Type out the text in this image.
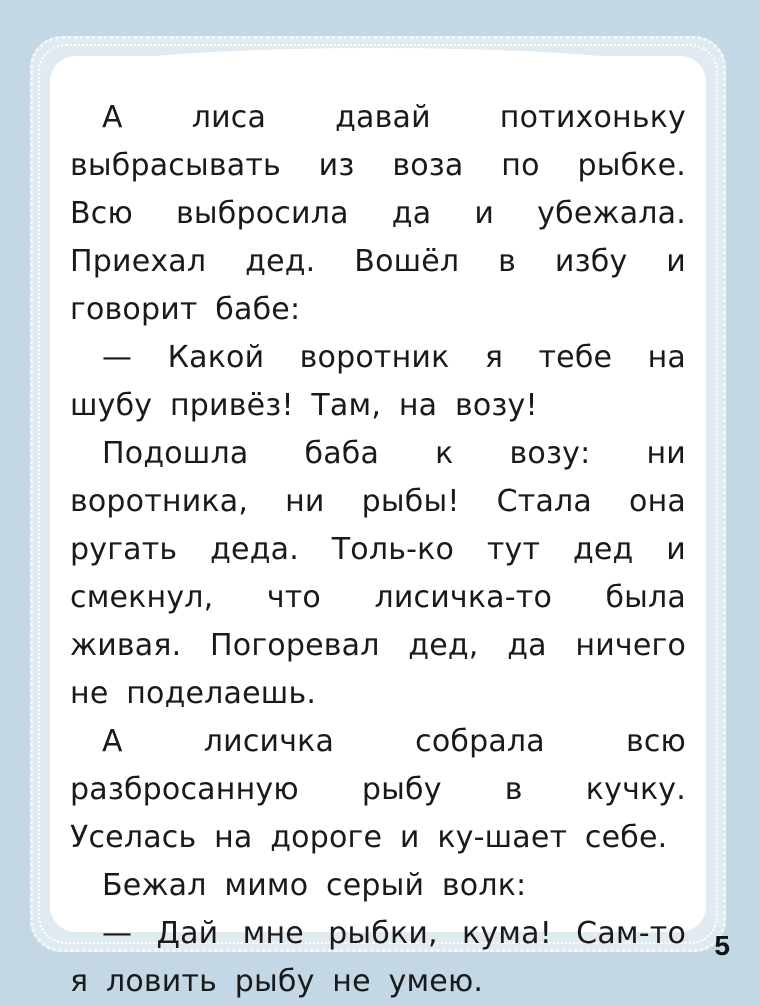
А лиса давай потихоньку выбрасывать из воза по рыбке. Всю выбросила да и убежала. Приехал дед. Вошёл в избу и говорит бабе:

— Какой воротник я тебе на шубу привёз! Там, на возу!

Подошла баба к возу: ни воротника, ни рыбы! Стала она ругать деда. Толь-ко тут дед и смекнул, что лисичка-то была живая. Погоревал дед, да ничего не поделаешь.

А лисичка собрала всю разбросанную рыбу в кучку. Уселась на дороге и ку-шает себе.

Бежал мимо серый волк:

— Дай мне рыбки, кума! Сам-то я ловить рыбу не умею.

5
